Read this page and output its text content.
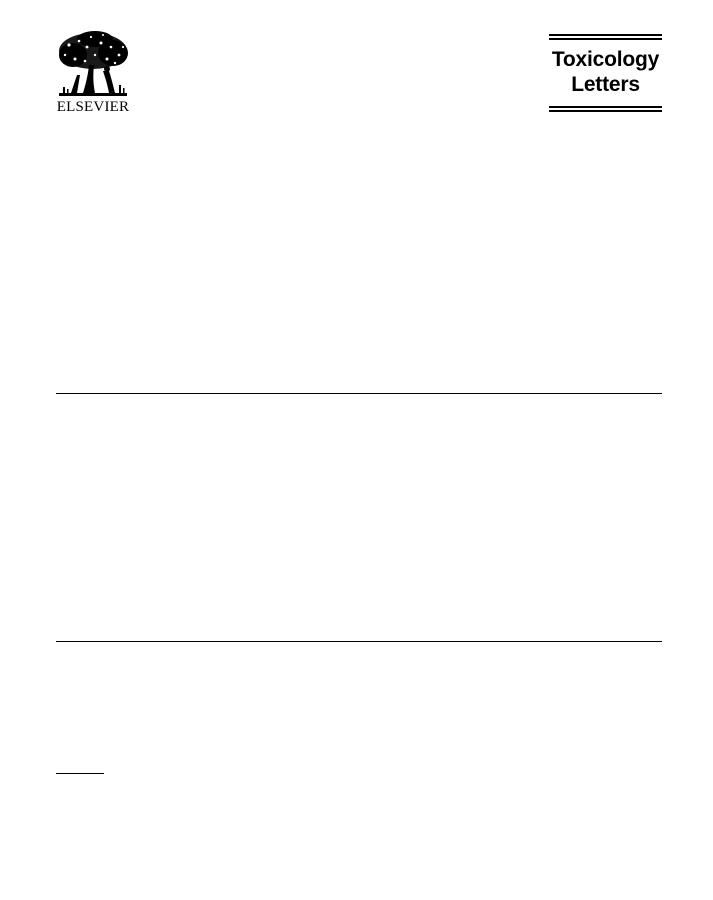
ELSEVIER
Toxicology
Letters
